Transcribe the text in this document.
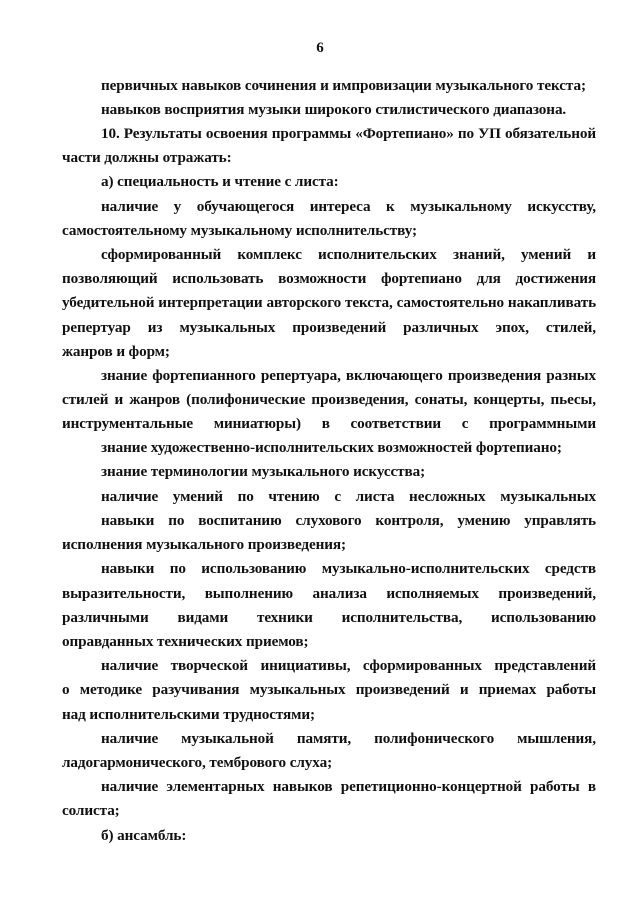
6
первичных навыков сочинения и импровизации музыкального текста;
навыков восприятия музыки широкого стилистического диапазона.
10. Результаты освоения программы «Фортепиано» по УП обязательной
части должны отражать:
а) специальность и чтение с листа:
наличие у обучающегося интереса к музыкальному искусству,
самостоятельному музыкальному исполнительству;
сформированный комплекс исполнительских знаний, умений и
позволяющий использовать возможности фортепиано для достижения
убедительной интерпретации авторского текста, самостоятельно накапливать
репертуар из музыкальных произведений различных эпох, стилей,
жанров и форм;
знание фортепианного репертуара, включающего произведения разных
стилей и жанров (полифонические произведения, сонаты, концерты, пьесы,
инструментальные миниатюры) в соответствии с программными
знание художественно-исполнительских возможностей фортепиано;
знание терминологии музыкального искусства;
наличие умений по чтению с листа несложных музыкальных
навыки по воспитанию слухового контроля, умению управлять
исполнения музыкального произведения;
навыки по использованию музыкально-исполнительских средств
выразительности, выполнению анализа исполняемых произведений,
различными видами техники исполнительства, использованию
оправданных технических приемов;
наличие творческой инициативы, сформированных представлений
о методике разучивания музыкальных произведений и приемах работы
над исполнительскими трудностями;
наличие музыкальной памяти, полифонического мышления,
ладогармонического, тембрового слуха;
наличие элементарных навыков репетиционно-концертной работы в
солиста;
б) ансамбль:
